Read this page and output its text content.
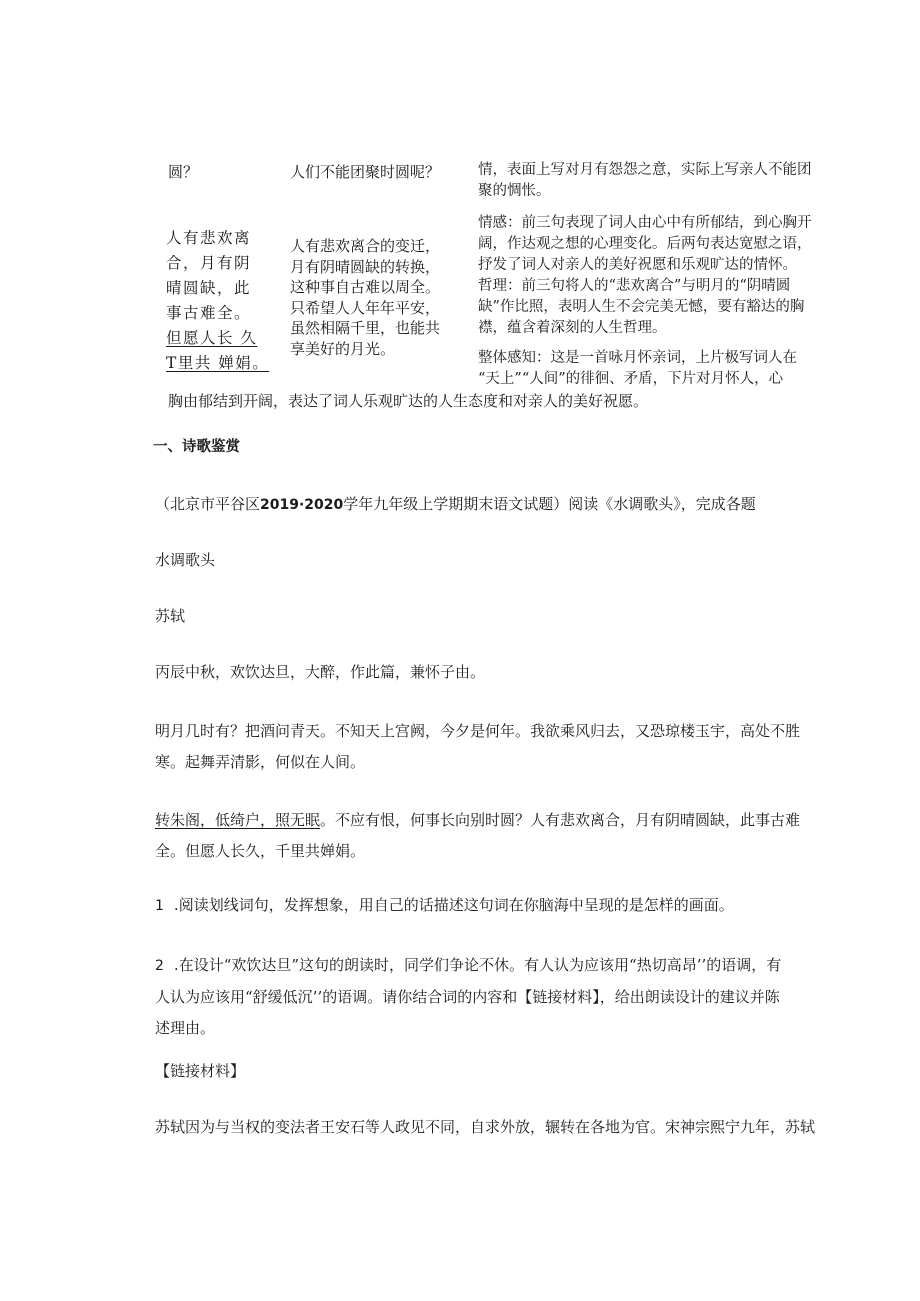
圆？	人们不能团聚时圆呢？	情，表面上写对月有怨怨之意，实际上写亲人不能团
聚的惆怅。
人有悲欢离
合，月有阴
晴圆缺，此
事古难全。
但愿人长 久
T里共 婵娟。
人有悲欢离合的变迁，
月有阴晴圆缺的转换，
这种事自古难以周全。
只希望人人年年平安，
虽然相隔千里，也能共
享美好的月光。
情感：前三句表现了词人由心中有所郁结，到心胸开
阔，作达观之想的心理变化。后两句表达宽慰之语，
抒发了词人对亲人的美好祝愿和乐观旷达的情怀。
哲理：前三句将人的“悲欢离合”与明月的“阴晴圆
缺”作比照，表明人生不会完美无憾，要有豁达的胸
襟，蕴含着深刻的人生哲理。
整体感知：这是一首咏月怀亲词，上片极写词人在
“天上”“人间”的徘徊、矛盾，下片对月怀人，心
胸由郁结到开阔，表达了词人乐观旷达的人生态度和对亲人的美好祝愿。
一、诗歌鉴赏
（北京市平谷区2019·2020学年九年级上学期期末语文试题）阅读《水调歌头》，完成各题
水调歌头
苏轼
丙辰中秋，欢饮达旦，大醉，作此篇，兼怀子由。
明月几时有？把酒问青天。不知天上宫阙，今夕是何年。我欲乘风归去，又恐琼楼玉宇，高处不胜
寒。起舞弄清影，何似在人间。
转朱阁，低绮户，照无眠。不应有恨，何事长向别时圆？人有悲欢离合，月有阴晴圆缺，此事古难
全。但愿人长久，千里共婵娟。
1 .阅读划线词句，发挥想象，用自己的话描述这句词在你脑海中呈现的是怎样的画面。
2 .在设计“欢饮达旦”这句的朗读时，同学们争论不休。有人认为应该用“热切高昂’’的语调，有
人认为应该用“舒缓低沉’’的语调。请你结合词的内容和【链接材料】，给出朗读设计的建议并陈
述理由。
【链接材料】
苏轼因为与当权的变法者王安石等人政见不同，自求外放，辗转在各地为官。宋神宗熙宁九年，苏轼
